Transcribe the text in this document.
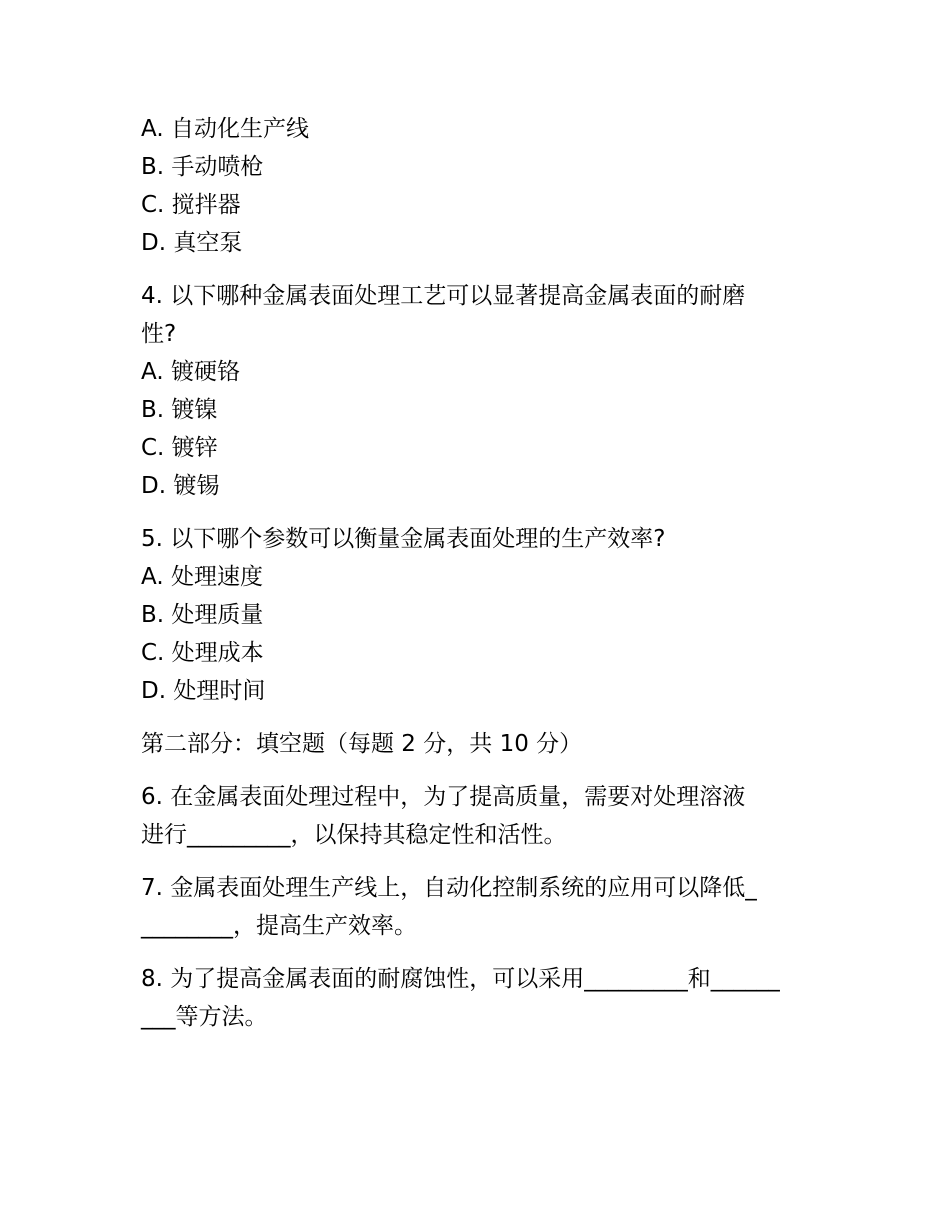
A. 自动化生产线
B. 手动喷枪
C. 搅拌器
D. 真空泵
4. 以下哪种金属表面处理工艺可以显著提高金属表面的耐磨
性?
A. 镀硬铬
B. 镀镍
C. 镀锌
D. 镀锡
5. 以下哪个参数可以衡量金属表面处理的生产效率?
A. 处理速度
B. 处理质量
C. 处理成本
D. 处理时间
第二部分：填空题（每题 2 分，共 10 分）
6. 在金属表面处理过程中，为了提高质量，需要对处理溶液
进行_________，以保持其稳定性和活性。
7. 金属表面处理生产线上，自动化控制系统的应用可以降低_
________，提高生产效率。
8. 为了提高金属表面的耐腐蚀性，可以采用_________和______
___等方法。
